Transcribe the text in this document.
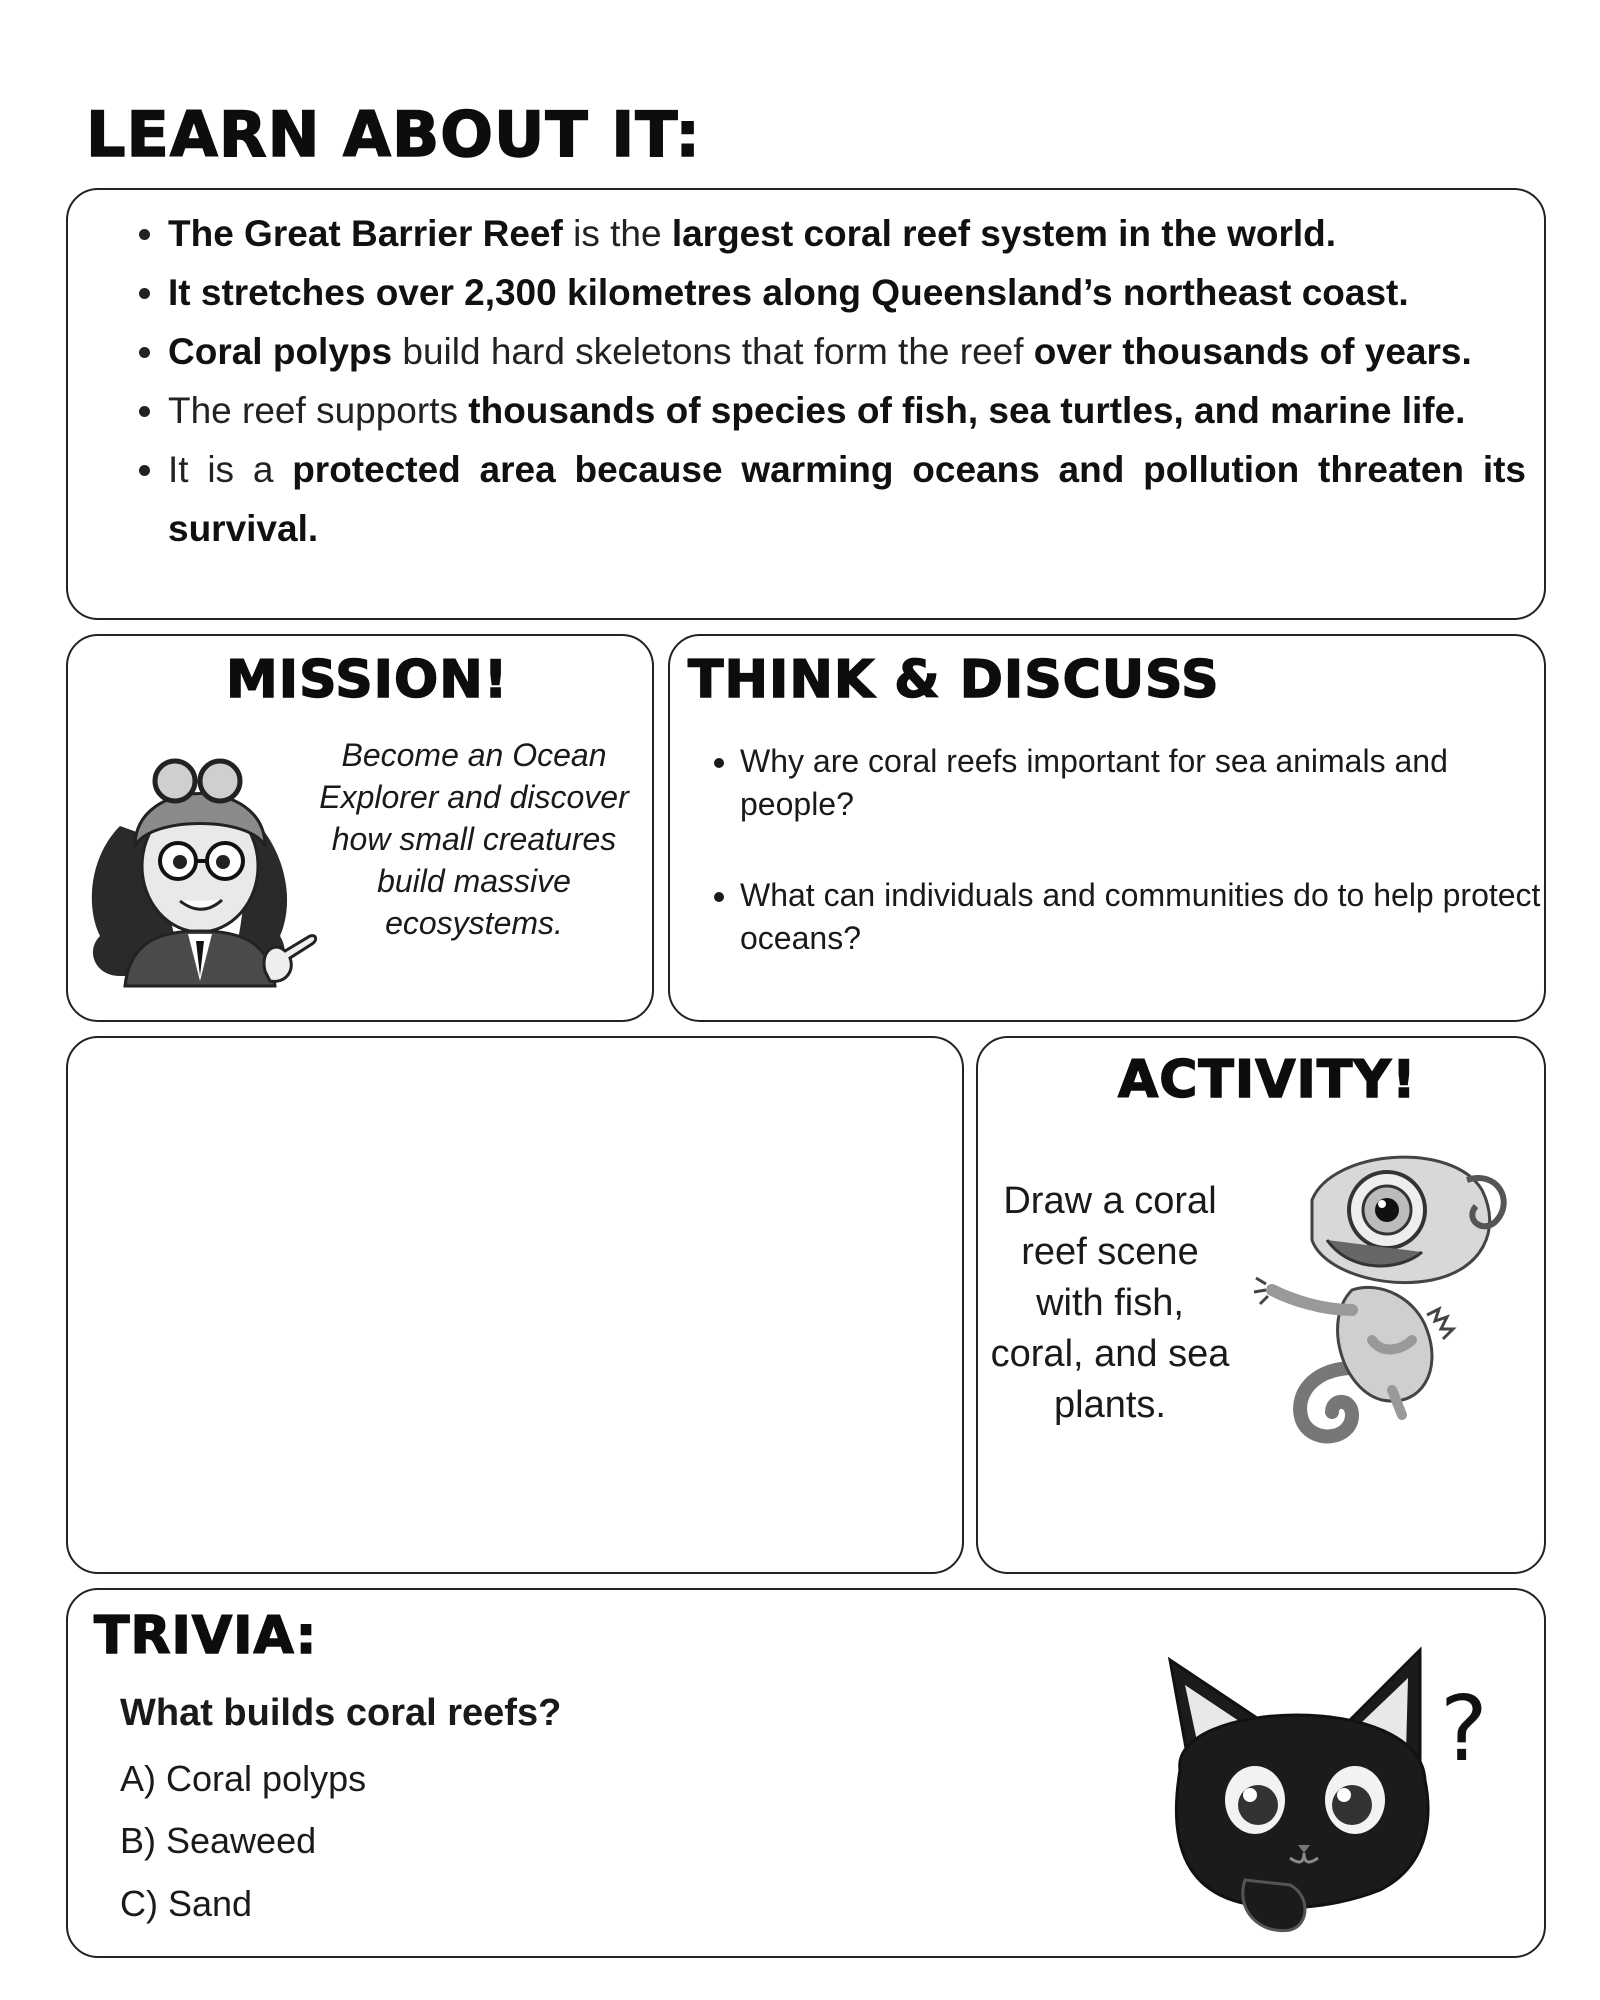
LEARN ABOUT IT:
• The Great Barrier Reef is the largest coral reef system in the world.
• It stretches over 2,300 kilometres along Queensland’s northeast coast.
• Coral polyps build hard skeletons that form the reef over thousands of years.
• The reef supports thousands of species of fish, sea turtles, and marine life.
• It is a protected area because warming oceans and pollution threaten its survival.
MISSION!
Become an Ocean Explorer and discover how small creatures build massive ecosystems.
THINK & DISCUSS
• Why are coral reefs important for sea animals and people?
• What can individuals and communities do to help protect oceans?
ACTIVITY!
Draw a coral reef scene with fish, coral, and sea plants.
TRIVIA:
What builds coral reefs?
A) Coral polyps
B) Seaweed
C) Sand
?
